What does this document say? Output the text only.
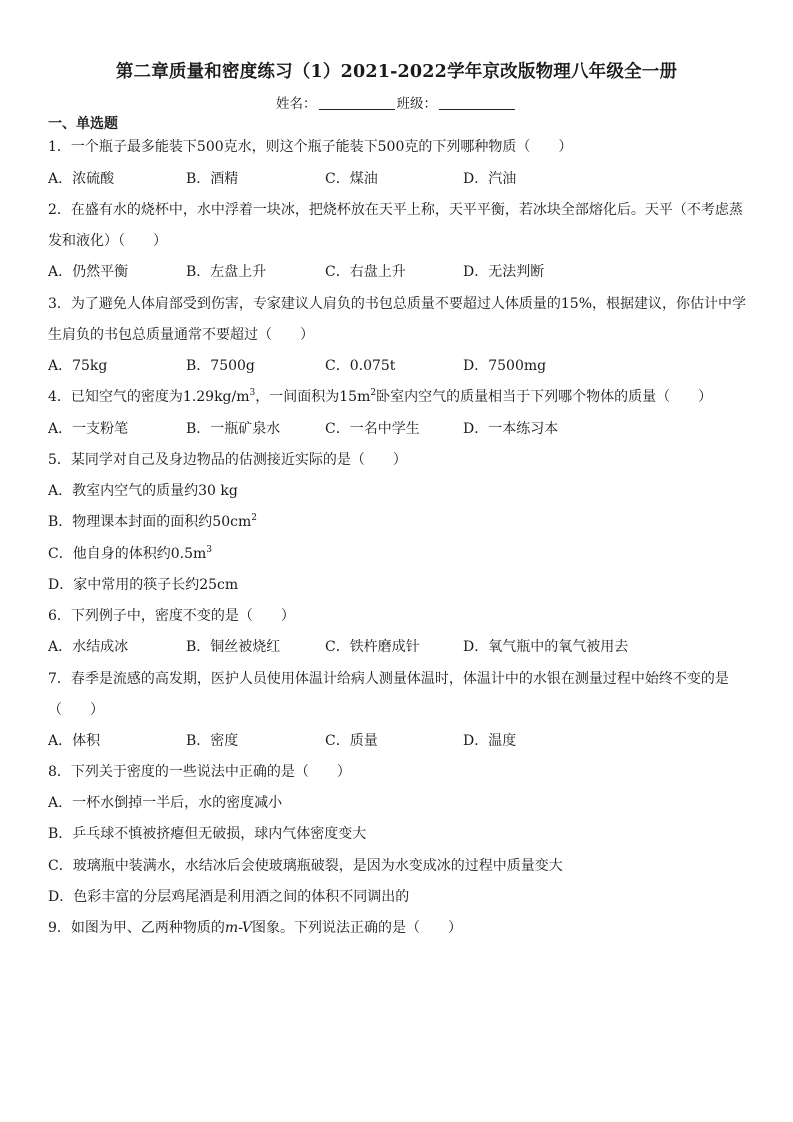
第二章质量和密度练习（1）2021-2022学年京改版物理八年级全一册
姓名：	班级：
一、单选题
1．一个瓶子最多能装下500克水，则这个瓶子能装下500克的下列哪种物质（　　）
A．浓硫酸	B．酒精	C．煤油	D．汽油
2．在盛有水的烧杯中，水中浮着一块冰，把烧杯放在天平上称，天平平衡，若冰块全部熔化后。天平（不考虑蒸
发和液化）（　　）
A．仍然平衡	B．左盘上升	C．右盘上升	D．无法判断
3．为了避免人体肩部受到伤害，专家建议人肩负的书包总质量不要超过人体质量的15%，根据建议，你估计中学
生肩负的书包总质量通常不要超过（　　）
A．75kg	B．7500g	C．0.075t	D．7500mg
4．已知空气的密度为$1.29kg/m^3$，一间面积为$15m^2$卧室内空气的质量相当于下列哪个物体的质量（　　）
A．一支粉笔	B．一瓶矿泉水	C．一名中学生	D．一本练习本
5．某同学对自己及身边物品的估测接近实际的是（　　）
A．教室内空气的质量约30 kg
B．物理课本封面的面积约$50cm^2$
C．他自身的体积约$0.5m^3$
D．家中常用的筷子长约25cm
6．下列例子中，密度不变的是（　　）
A．水结成冰	B．铜丝被烧红	C．铁杵磨成针	D．氧气瓶中的氧气被用去
7．春季是流感的高发期，医护人员使用体温计给病人测量体温时，体温计中的水银在测量过程中始终不变的是
（　　）
A．体积	B．密度	C．质量	D．温度
8．下列关于密度的一些说法中正确的是（　　）
A．一杯水倒掉一半后，水的密度减小
B．乒乓球不慎被挤瘪但无破损，球内气体密度变大
C．玻璃瓶中装满水，水结冰后会使玻璃瓶破裂，是因为水变成冰的过程中质量变大
D．色彩丰富的分层鸡尾酒是利用酒之间的体积不同调出的
9．如图为甲、乙两种物质的m-V图象。下列说法正确的是（　　）
